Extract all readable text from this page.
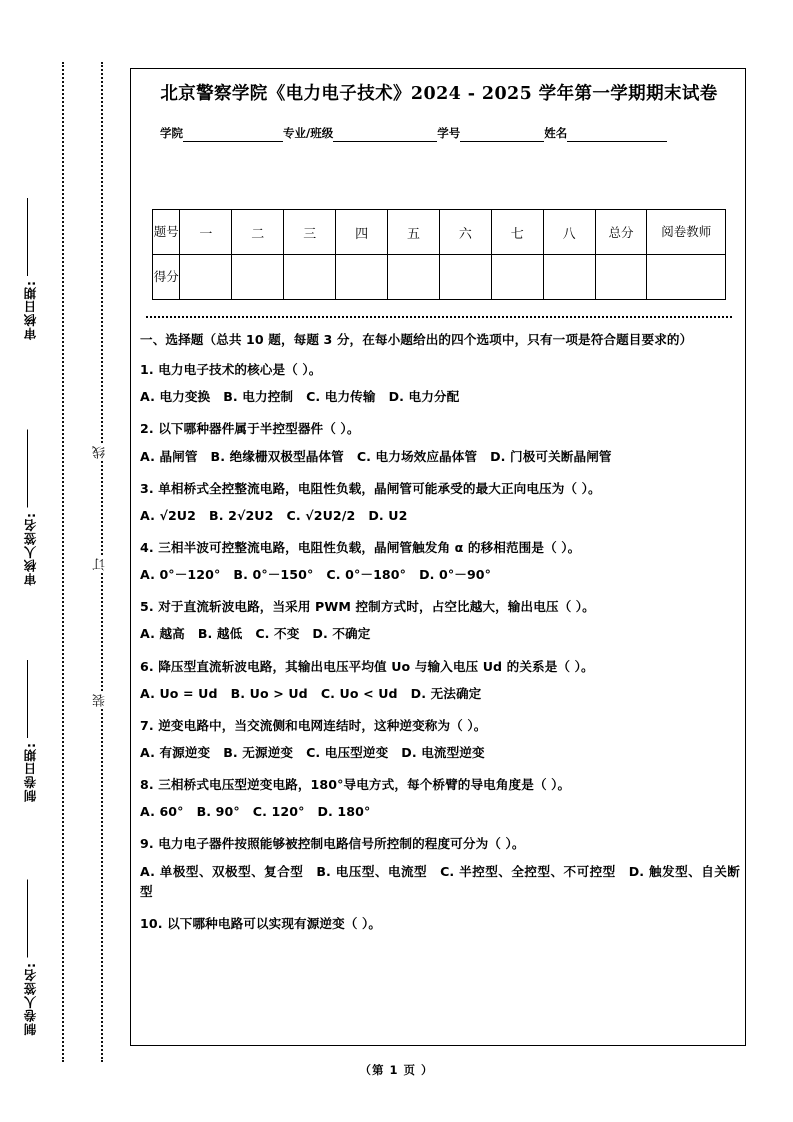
审核日期:
审核人签名:
制卷日期:
制卷人签名:
线
订
装
北京警察学院《电力电子技术》2024 - 2025 学年第一学期期末试卷
学院	专业/班级	学号	姓名
题号	一	二	三	四	五	六	七	八	总分	阅卷教师
得分										

一、选择题（总共 10 题，每题 3 分，在每小题给出的四个选项中，只有一项是符合题目要求的）

1. 电力电子技术的核心是（ ）。

A. 电力变换 B. 电力控制 C. 电力传输 D. 电力分配

2. 以下哪种器件属于半控型器件（ ）。

A. 晶闸管 B. 绝缘栅双极型晶体管 C. 电力场效应晶体管 D. 门极可关断晶闸管

3. 单相桥式全控整流电路，电阻性负载，晶闸管可能承受的最大正向电压为（ ）。

A. √2U2 B. 2√2U2 C. √2U2/2 D. U2

4. 三相半波可控整流电路，电阻性负载，晶闸管触发角 α 的移相范围是（ ）。

A. 0°－120° B. 0°－150° C. 0°－180° D. 0°－90°

5. 对于直流斩波电路，当采用 PWM 控制方式时，占空比越大，输出电压（ ）。

A. 越高 B. 越低 C. 不变 D. 不确定

6. 降压型直流斩波电路，其输出电压平均值 Uo 与输入电压 Ud 的关系是（ ）。

A. Uo = Ud B. Uo > Ud C. Uo < Ud D. 无法确定

7. 逆变电路中，当交流侧和电网连结时，这种逆变称为（ ）。

A. 有源逆变 B. 无源逆变 C. 电压型逆变 D. 电流型逆变

8. 三相桥式电压型逆变电路，180°导电方式，每个桥臂的导电角度是（ ）。

A. 60° B. 90° C. 120° D. 180°

9. 电力电子器件按照能够被控制电路信号所控制的程度可分为（ ）。

A. 单极型、双极型、复合型 B. 电压型、电流型 C. 半控型、全控型、不可控型 D. 触发型、自关断型

10. 以下哪种电路可以实现有源逆变（ ）。

（第 1 页 ）
